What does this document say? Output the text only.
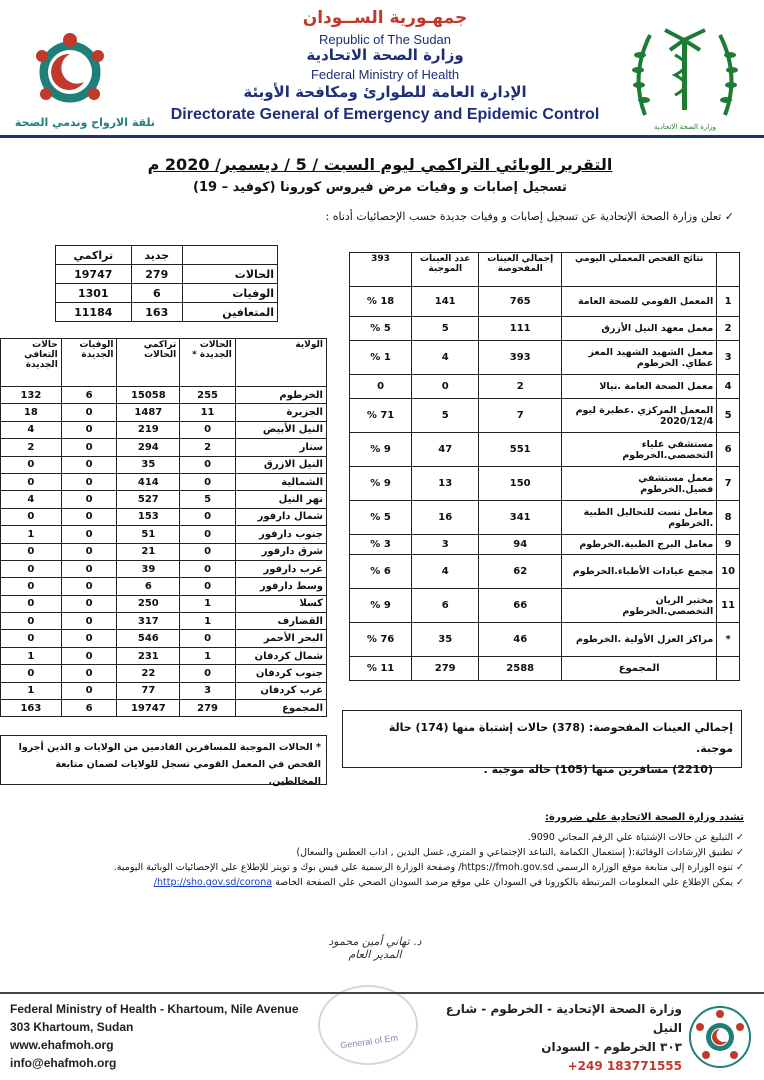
نلقة الارواح وندمي الصحة	وزارة الصحة الاتحادية
جمهـورية الســودان
Republic of The Sudan
وزارة الصحة الاتحادية
Federal Ministry of Health
الإدارة العامة للطوارئ ومكافحة الأوبئة
Directorate General of Emergency and Epidemic Control
التقرير الوبائي التراكمي ليوم السبت / 5 / ديسمبر/ 2020 م
تسجيل إصابات و وفيات مرض فيروس كورونا (كوفيد – 19)
✓ تعلن وزارة الصحة الإتحادية عن تسجيل إصابات و وفيات جديدة حسب الإحصائيات أدناه :
	جديد	تراكمي
الحالات	279	19747
الوفيات	6	1301
المتعافين	163	11184
الولاية	الحالات الجديدة *	تراكمي الحالات	الوفيات الجديدة	حالات التعافي الجديدة
الخرطوم	255	15058	6	132
الجزيرة	11	1487	0	18
النيل الأبيض	0	219	0	4
سنار	2	294	0	2
النيل الازرق	0	35	0	0
الشمالية	0	414	0	0
نهر النيل	5	527	0	4
شمال دارفور	0	153	0	0
جنوب دارفور	0	51	0	1
شرق دارفور	0	21	0	0
غرب دارفور	0	39	0	0
وسط دارفور	0	6	0	0
كسلا	1	250	0	0
القضارف	1	317	0	0
البحر الأحمر	0	546	0	0
شمال كردفان	1	231	0	1
جنوب كردفان	0	22	0	0
غرب كردفان	3	77	0	1
المجموع	279	19747	6	163
* الحالات الموجبة للمسافرين القادمين من الولايات و الذين أجروا الفحص في المعمل القومي تسجل للولايات لضمان متابعة المخالطين.
	نتائج الفحص المعملي اليومي	إجمالي العينات المفحوصة	عدد العينات الموجبة	393
1	المعمل القومي للصحة العامة	765	141	18 %
2	معمل معهد النيل الأزرق	111	5	5 %
3	معمل الشهيد الشهيد المعز عطاي. الخرطوم	393	4	1 %
4	معمل الصحة العامة .نيالا	2	0	0
5	المعمل المركزي .عطبرة ليوم 2020/12/4	7	5	71 %
6	مستشفي علياء التخصصي.الخرطوم	551	47	9 %
7	معمل مستشفي فضيل.الخرطوم	150	13	9 %
8	معامل تست للتحاليل الطبية .الخرطوم	341	16	5 %
9	معامل البرج الطبية.الخرطوم	94	3	3 %
10	مجمع عيادات الأطباء.الخرطوم	62	4	6 %
11	مختبر الريان التخصصي.الخرطوم	66	6	9 %
*	مراكز العزل الأولية .الخرطوم	46	35	76 %
	المجموع	2588	279	11 %
إجمالي العينات المفحوصة: (378) حالات إشتباة منها (174) حالة موجبة.
(2210) مسافرين منها (105) حالة موجبة .
تشدد وزارة الصحة الاتحادية علي ضرورة:
✓ التبليغ عن حالات الإشتباة علي الرقم المجاني 9090.
✓ تطبيق الإرشادات الوقائية:( إستعمال الكمامة ,التباعد الإجتماعي و المتري, غسل اليدين , اداب العطس والسعال)
✓ تنوه الوزارة إلى متابعة موقع الوزارة الرسمي https://fmoh.gov.sd/ وصفحة الوزارة الرسمية علي فيس بوك و تويتر للإطلاع علي الإحصائيات الوبائية اليومية.
✓ يمكن الإطلاع علي المعلومات المرتبطة بالكورونا في السودان علي موقع مرصد السودان الصحي علي الصفحة الخاصة http://sho.gov.sd/corona/
د. تهاني أمين محمود
المدير العام
General of Em
Federal Ministry of Health - Khartoum, Nile Avenue
303 Khartoum, Sudan
www.ehafmoh.org
info@ehafmoh.org
وزارة الصحة الإتحادية - الخرطوم - شارع النيل
٣٠٣ الخرطوم - السودان
+249 183771555
